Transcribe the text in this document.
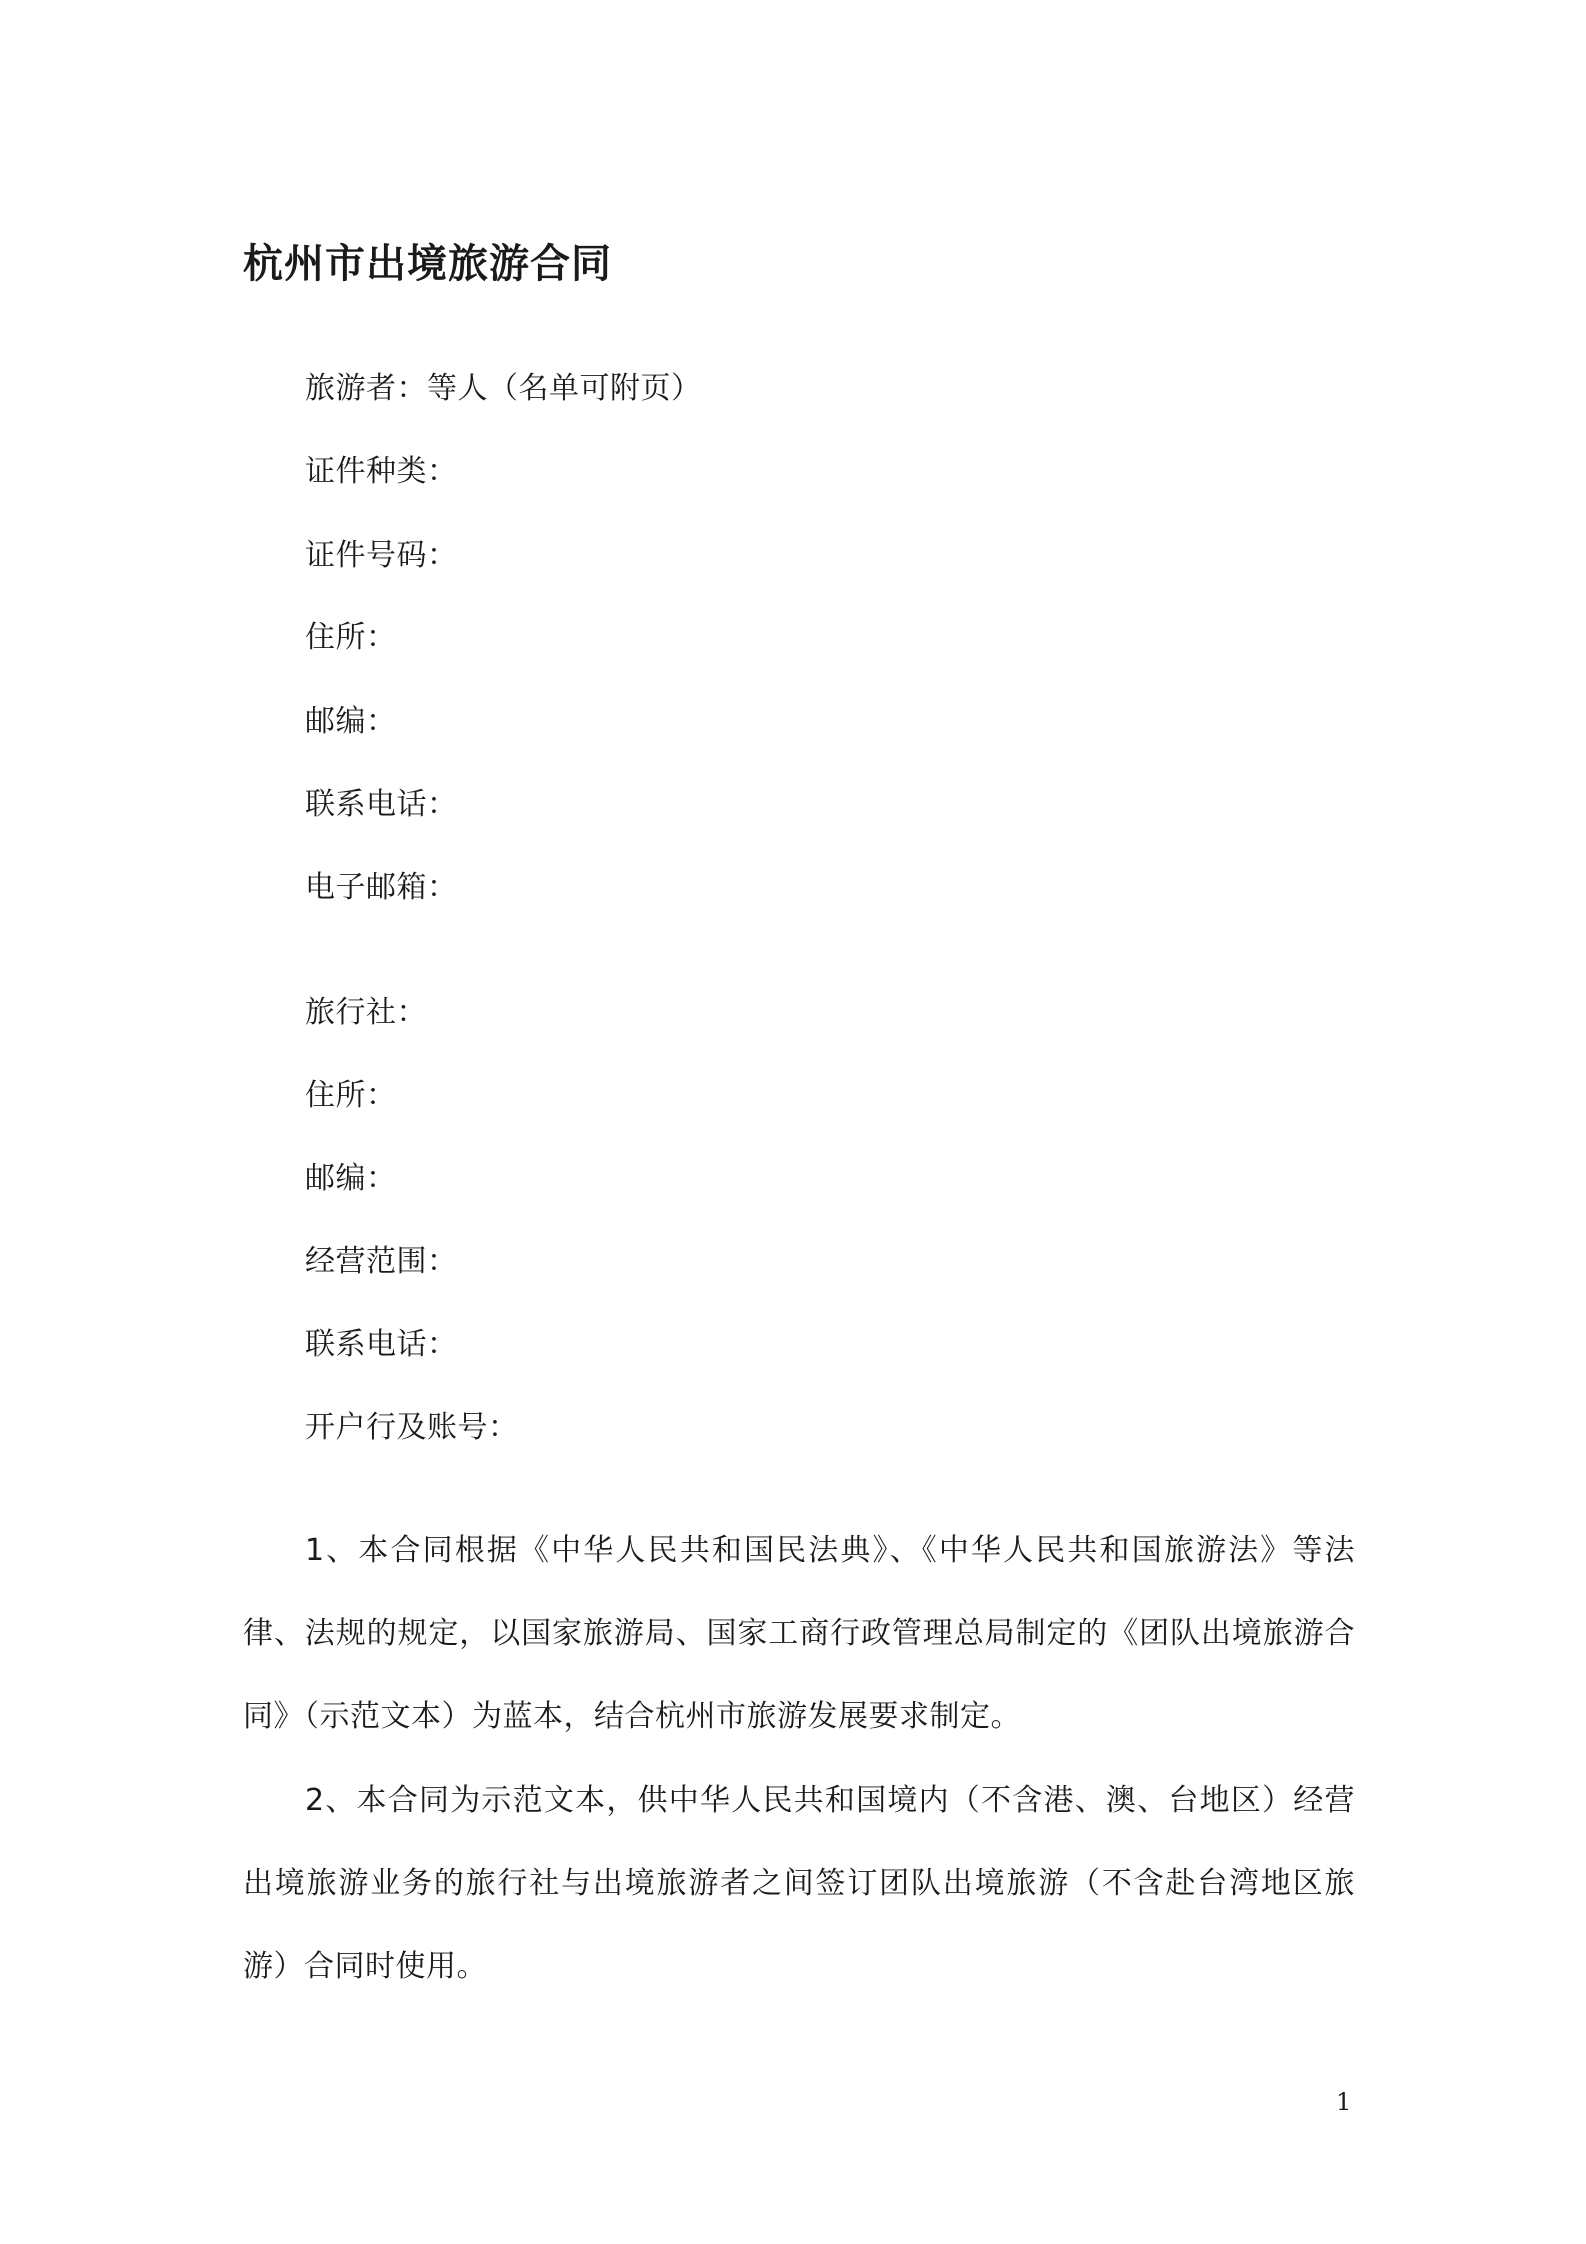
杭州市出境旅游合同
旅游者：等人（名单可附页）
证件种类：
证件号码：
住所：
邮编：
联系电话：
电子邮箱：
旅行社：
住所：
邮编：
经营范围：
联系电话：
开户行及账号：
1、本合同根据《中华人民共和国民法典》、《中华人民共和国旅游法》等法律、法规的规定，以国家旅游局、国家工商行政管理总局制定的《团队出境旅游合同》（示范文本）为蓝本，结合杭州市旅游发展要求制定。
2、本合同为示范文本，供中华人民共和国境内（不含港、澳、台地区）经营出境旅游业务的旅行社与出境旅游者之间签订团队出境旅游（不含赴台湾地区旅游）合同时使用。
1
